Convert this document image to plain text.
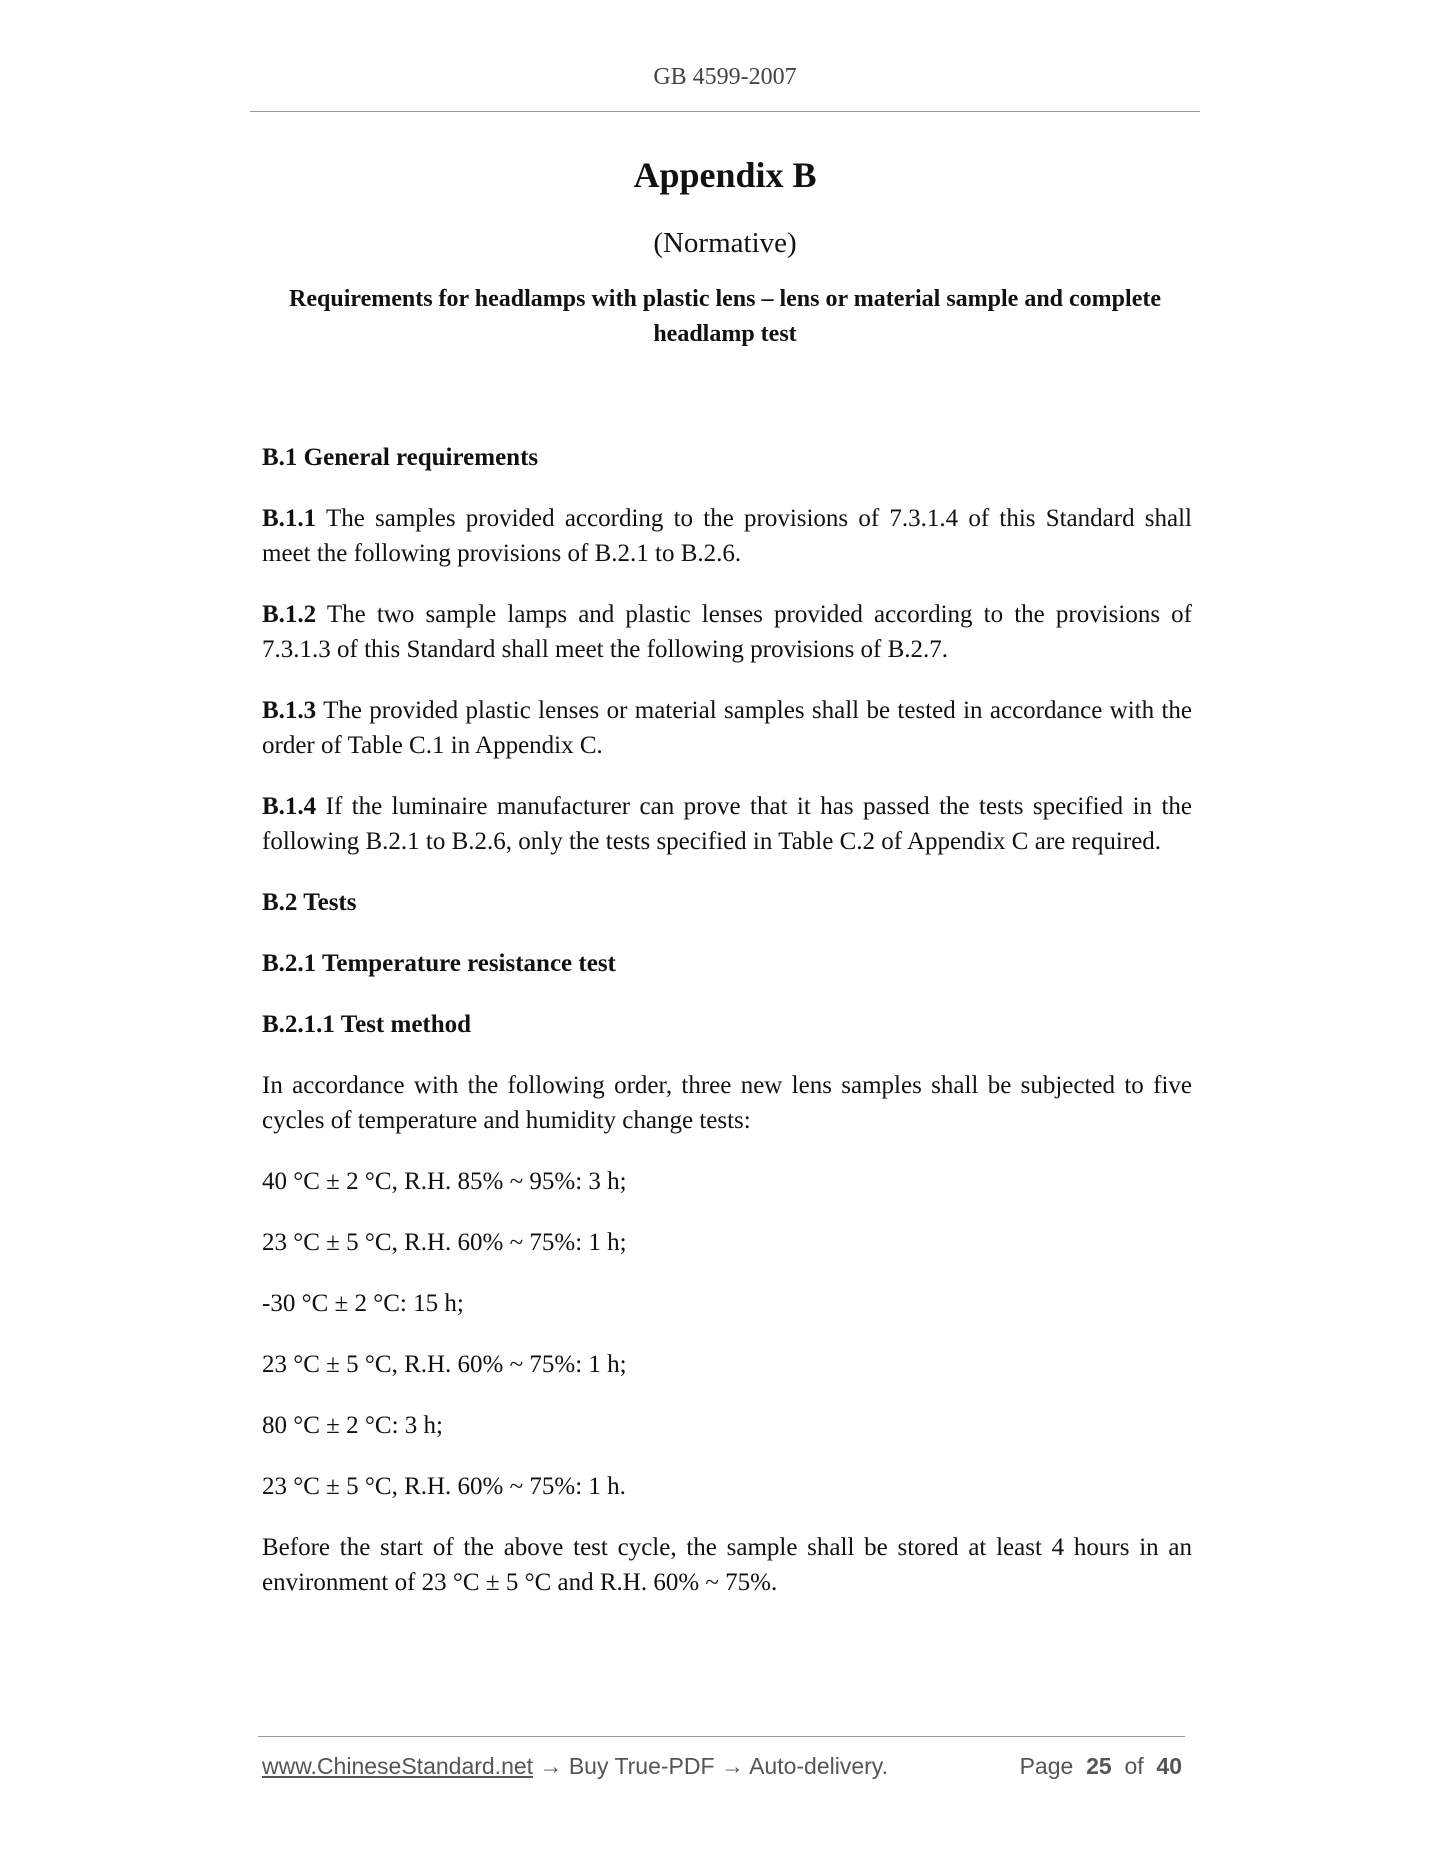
GB 4599-2007
Appendix B
(Normative)
Requirements for headlamps with plastic lens – lens or material sample and complete headlamp test

B.1 General requirements

B.1.1 The samples provided according to the provisions of 7.3.1.4 of this Standard shall meet the following provisions of B.2.1 to B.2.6.

B.1.2 The two sample lamps and plastic lenses provided according to the provisions of 7.3.1.3 of this Standard shall meet the following provisions of B.2.7.

B.1.3 The provided plastic lenses or material samples shall be tested in accordance with the order of Table C.1 in Appendix C.

B.1.4 If the luminaire manufacturer can prove that it has passed the tests specified in the following B.2.1 to B.2.6, only the tests specified in Table C.2 of Appendix C are required.

B.2 Tests

B.2.1 Temperature resistance test

B.2.1.1 Test method

In accordance with the following order, three new lens samples shall be subjected to five cycles of temperature and humidity change tests:

40 °C ± 2 °C, R.H. 85% ~ 95%: 3 h;

23 °C ± 5 °C, R.H. 60% ~ 75%: 1 h;

-30 °C ± 2 °C: 15 h;

23 °C ± 5 °C, R.H. 60% ~ 75%: 1 h;

80 °C ± 2 °C: 3 h;

23 °C ± 5 °C, R.H. 60% ~ 75%: 1 h.

Before the start of the above test cycle, the sample shall be stored at least 4 hours in an environment of 23 °C ± 5 °C and R.H. 60% ~ 75%.

www.ChineseStandard.net → Buy True-PDF → Auto-delivery.	Page 25 of 40
